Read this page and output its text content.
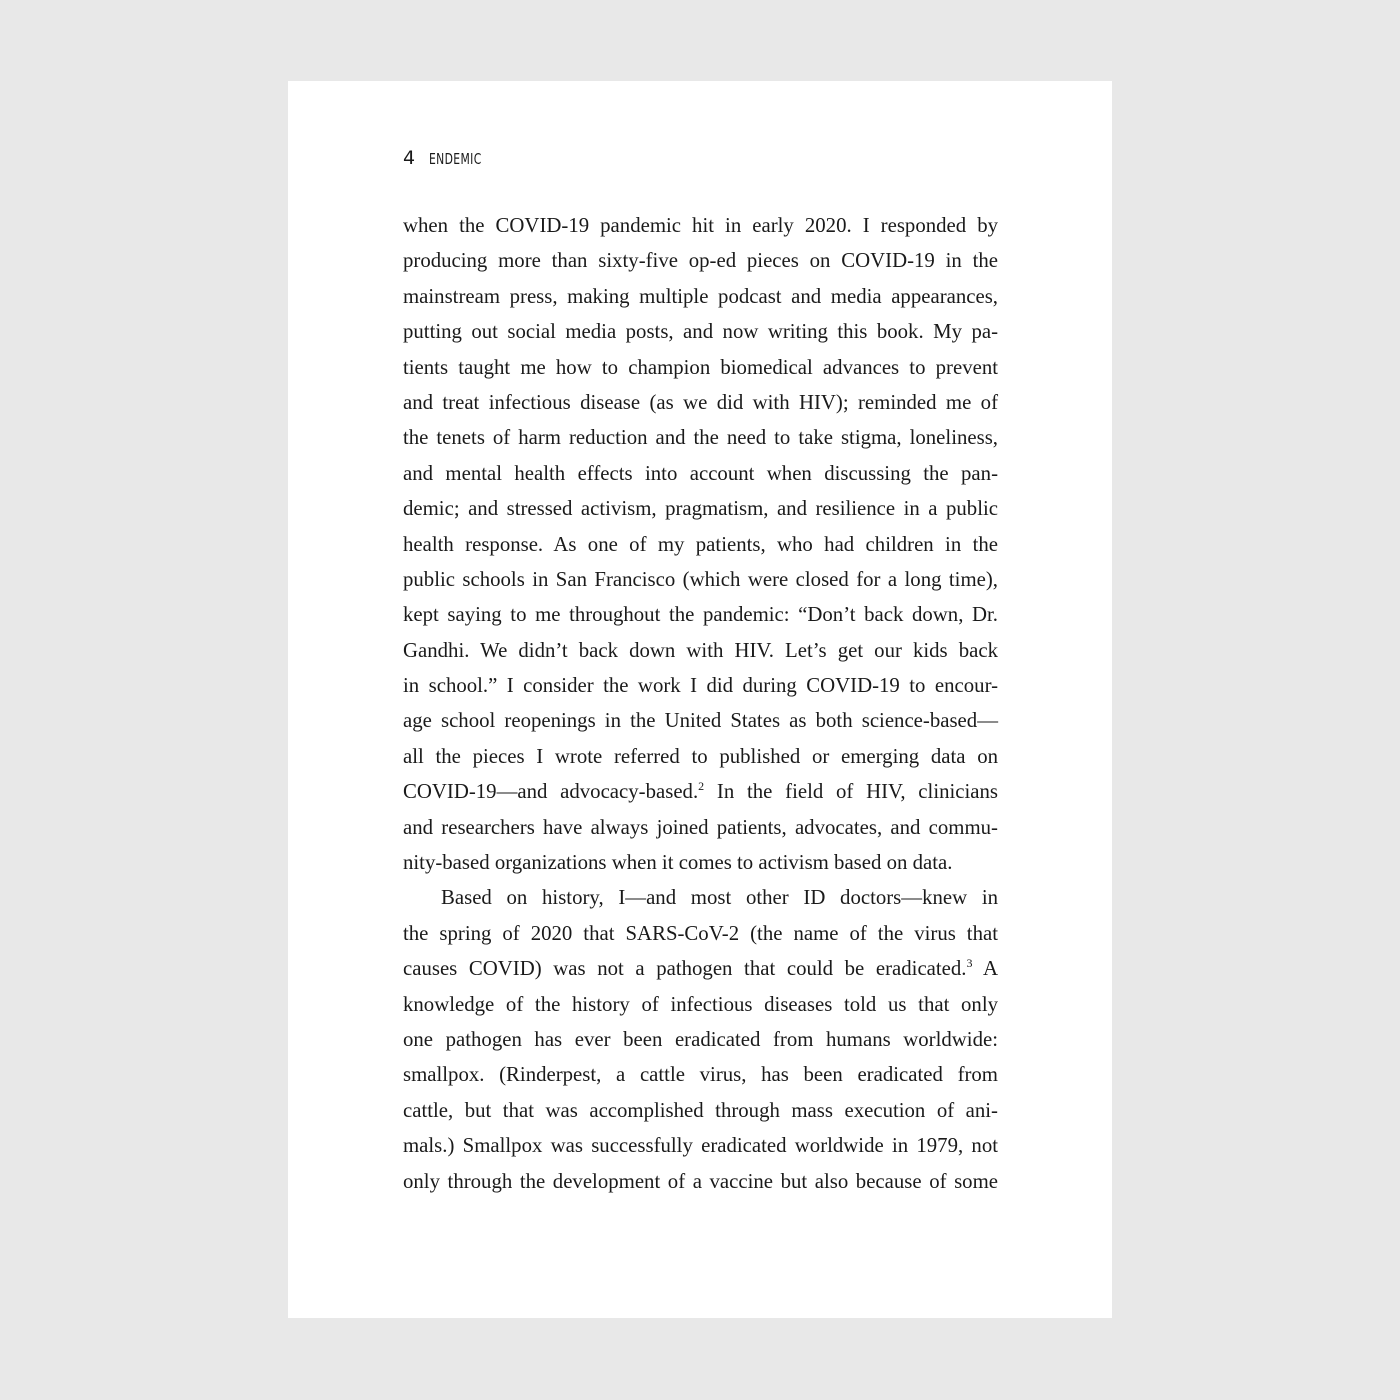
4 ENDEMIC
when the COVID-19 pandemic hit in early 2020. I responded by
producing more than sixty-five op-ed pieces on COVID-19 in the
mainstream press, making multiple podcast and media appearances,
putting out social media posts, and now writing this book. My pa-
tients taught me how to champion biomedical advances to prevent
and treat infectious disease (as we did with HIV); reminded me of
the tenets of harm reduction and the need to take stigma, loneliness,
and mental health effects into account when discussing the pan-
demic; and stressed activism, pragmatism, and resilience in a public
health response. As one of my patients, who had children in the
public schools in San Francisco (which were closed for a long time),
kept saying to me throughout the pandemic: “Don’t back down, Dr.
Gandhi. We didn’t back down with HIV. Let’s get our kids back
in school.” I consider the work I did during COVID-19 to encour-
age school reopenings in the United States as both science-based—
all the pieces I wrote referred to published or emerging data on
COVID-19—and advocacy-based.$^2$ In the field of HIV, clinicians
and researchers have always joined patients, advocates, and commu-
nity-based organizations when it comes to activism based on data.
Based on history, I—and most other ID doctors—knew in
the spring of 2020 that SARS-CoV-2 (the name of the virus that
causes COVID) was not a pathogen that could be eradicated.$^3$ A
knowledge of the history of infectious diseases told us that only
one pathogen has ever been eradicated from humans worldwide:
smallpox. (Rinderpest, a cattle virus, has been eradicated from
cattle, but that was accomplished through mass execution of ani-
mals.) Smallpox was successfully eradicated worldwide in 1979, not
only through the development of a vaccine but also because of some
